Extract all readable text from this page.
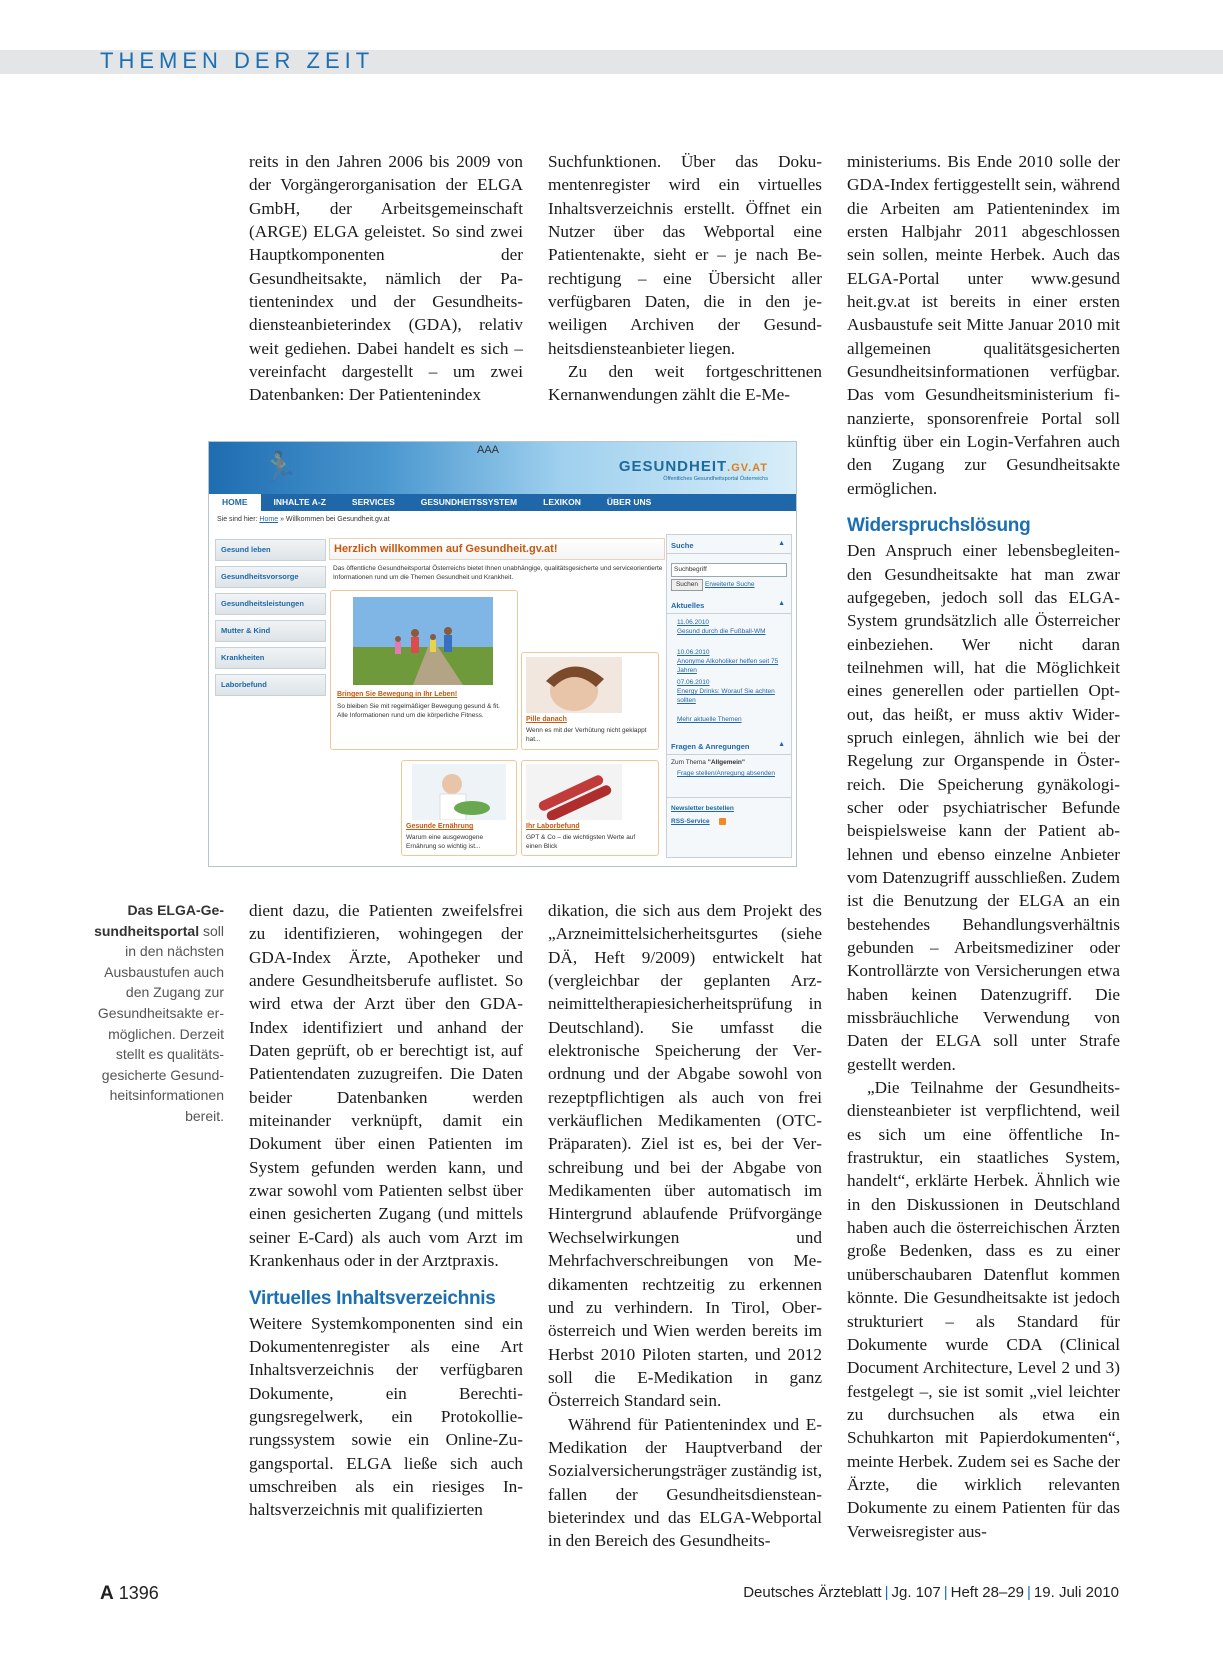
THEMEN DER ZEIT

reits in den Jahren 2006 bis 2009 von der Vorgängerorganisation der ELGA GmbH, der Arbeitsgemeinschaft (ARGE) ELGA geleistet. So sind zwei Hauptkomponenten der Gesundheitsakte, nämlich der Patientenindex und der Gesundheitsdiensteanbieterindex (GDA), relativ weit gediehen. Dabei handelt es sich – vereinfacht dargestellt – um zwei Datenbanken: Der Patientenindex

Suchfunktionen. Über das Dokumentenregister wird ein virtuelles Inhaltsverzeichnis erstellt. Öffnet ein Nutzer über das Webportal eine Patientenakte, sieht er – je nach Berechtigung – eine Übersicht aller verfügbaren Daten, die in den jeweiligen Archiven der Gesundheitsdiensteanbieter liegen.

Zu den weit fortgeschrittenen Kernanwendungen zählt die E-Me-

ministeriums. Bis Ende 2010 solle der GDA-Index fertiggestellt sein, während die Arbeiten am Patientenindex im ersten Halbjahr 2011 abgeschlossen sein sollen, meinte Herbek. Auch das ELGA-Portal unter www.gesund heit.gv.at ist bereits in einer ersten Ausbaustufe seit Mitte Januar 2010 mit allgemeinen qualitätsgesicherten Gesundheitsinformationen verfügbar. Das vom Gesundheitsministerium finanzierte, sponsorenfreie Portal soll künftig über ein Login-Verfahren auch den Zugang zur Gesundheitsakte ermöglichen.

Widerspruchslösung

Den Anspruch einer lebensbegleitenden Gesundheitsakte hat man zwar aufgegeben, jedoch soll das ELGA-System grundsätzlich alle Österreicher einbeziehen. Wer nicht daran teilnehmen will, hat die Möglichkeit eines generellen oder partiellen Opt-out, das heißt, er muss aktiv Widerspruch einlegen, ähnlich wie bei der Regelung zur Organspende in Österreich. Die Speicherung gynäkologischer oder psychiatrischer Befunde beispielsweise kann der Patient ablehnen und ebenso einzelne Anbieter vom Datenzugriff ausschließen. Zudem ist die Benutzung der ELGA an ein bestehendes Behandlungsverhältnis gebunden – Arbeitsmediziner oder Kontrollärzte von Versicherungen etwa haben keinen Datenzugriff. Die missbräuchliche Verwendung von Daten der ELGA soll unter Strafe gestellt werden.

„Die Teilnahme der Gesundheitsdiensteanbieter ist verpflichtend, weil es sich um eine öffentliche Infrastruktur, ein staatliches System, handelt“, erklärte Herbek. Ähnlich wie in den Diskussionen in Deutschland haben auch die österreichischen Ärzten große Bedenken, dass es zu einer unüberschaubaren Datenflut kommen könnte. Die Gesundheitsakte ist jedoch strukturiert – als Standard für Dokumente wurde CDA (Clinical Document Architecture, Level 2 und 3) festgelegt –, sie ist somit „viel leichter zu durchsuchen als etwa ein Schuhkarton mit Papierdokumenten“, meinte Herbek. Zudem sei es Sache der Ärzte, die wirklich relevanten Dokumente zu einem Patienten für das Verweisregister aus-

🏃
AAA
GESUNDHEIT.GV.AT
Öffentliches Gesundheitsportal Österreichs
HOME	INHALTE A-Z	SERVICES	GESUNDHEITSSYSTEM	LEXIKON	ÜBER UNS
Sie sind hier: Home » Willkommen bei Gesundheit.gv.at
Gesund leben
Gesundheitsvorsorge
Gesundheitsleistungen
Mutter & Kind
Krankheiten
Laborbefund
Herzlich willkommen auf Gesundheit.gv.at!
Das öffentliche Gesundheitsportal Österreichs bietet Ihnen unabhängige, qualitätsgesicherte und serviceorientierte Informationen rund um die Themen Gesundheit und Krankheit.
Bringen Sie Bewegung in Ihr Leben!
So bleiben Sie mit regelmäßiger Bewegung gesund & fit. Alle Informationen rund um die körperliche Fitness.
Pille danach
Wenn es mit der Verhütung nicht geklappt hat...
Gesunde Ernährung
Warum eine ausgewogene Ernährung so wichtig ist...
Ihr Laborbefund
GPT & Co – die wichtigsten Werte auf einen Blick
Suche	▲
Suchbegriff
Suchen	Erweiterte Suche
Aktuelles	▲
11.06.2010
Gesund durch die Fußball-WM
10.06.2010
Anonyme Alkoholiker helfen seit 75 Jahren
07.06.2010
Energy Drinks: Worauf Sie achten sollten
Mehr aktuelle Themen
Fragen & Anregungen	▲
Zum Thema "Allgemein"
Frage stellen/Anregung absenden
Newsletter bestellen
RSS-Service
Das ELGA-Gesundheitsportal soll in den nächsten Ausbaustufen auch den Zugang zur Gesundheitsakte ermöglichen. Derzeit stellt es qualitätsgesicherte Gesundheitsinformationen bereit.

dient dazu, die Patienten zweifelsfrei zu identifizieren, wohingegen der GDA-Index Ärzte, Apotheker und andere Gesundheitsberufe auflistet. So wird etwa der Arzt über den GDA-Index identifiziert und anhand der Daten geprüft, ob er berechtigt ist, auf Patientendaten zuzugreifen. Die Daten beider Datenbanken werden miteinander verknüpft, damit ein Dokument über einen Patienten im System gefunden werden kann, und zwar sowohl vom Patienten selbst über einen gesicherten Zugang (und mittels seiner E-Card) als auch vom Arzt im Krankenhaus oder in der Arztpraxis.

Virtuelles Inhaltsverzeichnis

Weitere Systemkomponenten sind ein Dokumentenregister als eine Art Inhaltsverzeichnis der verfügbaren Dokumente, ein Berechtigungsregelwerk, ein Protokollierungssystem sowie ein Online-Zugangsportal. ELGA ließe sich auch umschreiben als ein riesiges Inhaltsverzeichnis mit qualifizierten

dikation, die sich aus dem Projekt des „Arzneimittelsicherheitsgurtes (siehe DÄ, Heft 9/2009) entwickelt hat (vergleichbar der geplanten Arzneimitteltherapiesicherheitsprüfung in Deutschland). Sie umfasst die elektronische Speicherung der Verordnung und der Abgabe sowohl von rezeptpflichtigen als auch von frei verkäuflichen Medikamenten (OTC-Präparaten). Ziel ist es, bei der Verschreibung und bei der Abgabe von Medikamenten über automatisch im Hintergrund ablaufende Prüfvorgänge Wechselwirkungen und Mehrfachverschreibungen von Medikamenten rechtzeitig zu erkennen und zu verhindern. In Tirol, Oberösterreich und Wien werden bereits im Herbst 2010 Piloten starten, und 2012 soll die E-Medikation in ganz Österreich Standard sein.

Während für Patientenindex und E-Medikation der Hauptverband der Sozialversicherungsträger zuständig ist, fallen der Gesundheitsdiensteanbieterindex und das ELGA-Webportal in den Bereich des Gesundheits-

A 1396	Deutsches Ärzteblatt | Jg. 107 | Heft 28–29 | 19. Juli 2010
